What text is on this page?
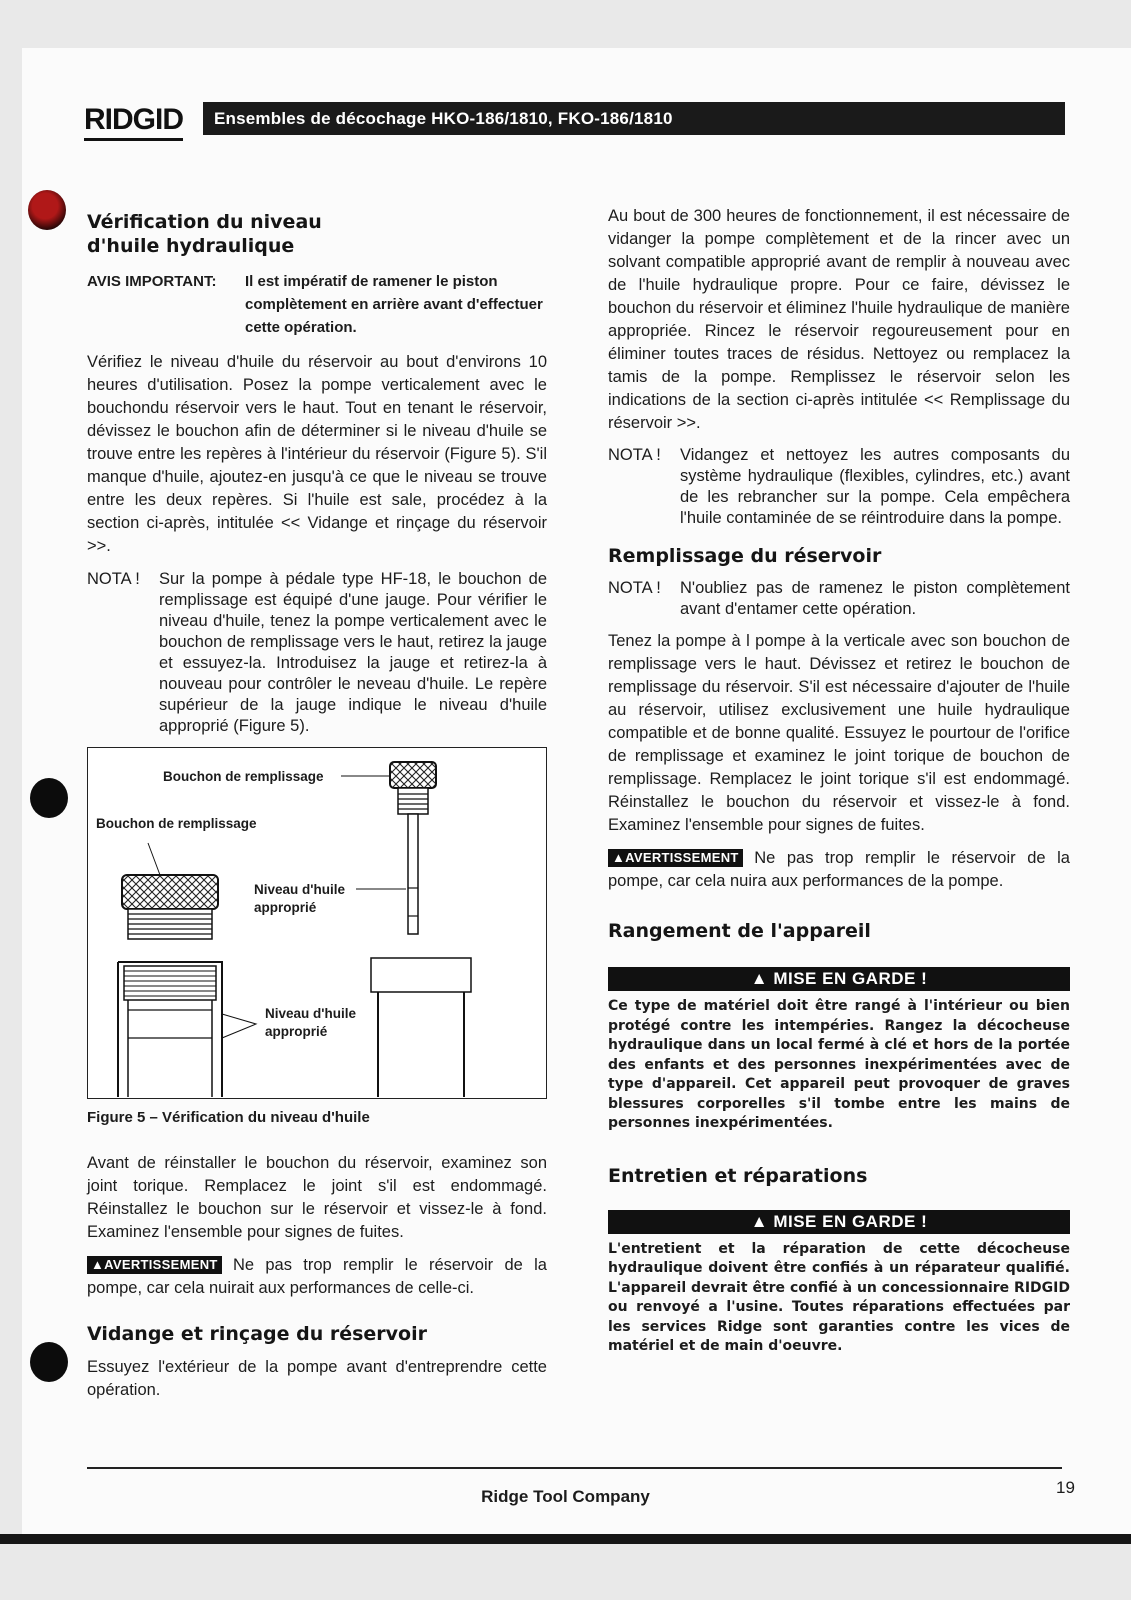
RIDGID	Ensembles de décochage HKO-186/1810, FKO-186/1810
Vérification du niveau d'huile hydraulique
AVIS IMPORTANT:	Il est impératif de ramener le piston complètement en arrière avant d'effectuer cette opération.

Vérifiez le niveau d'huile du réservoir au bout d'environs 10 heures d'utilisation. Posez la pompe verticalement avec le bouchondu réservoir vers le haut. Tout en tenant le réservoir, dévissez le bouchon afin de déterminer si le niveau d'huile se trouve entre les repères à l'intérieur du réservoir (Figure 5). S'il manque d'huile, ajoutez-en jusqu'à ce que le niveau se trouve entre les deux repères. Si l'huile est sale, procédez à la section ci-après, intitulée << Vidange et rinçage du réservoir >>.

NOTA !	Sur la pompe à pédale type HF-18, le bouchon de remplissage est équipé d'une jauge. Pour vérifier le niveau d'huile, tenez la pompe verticalement avec le bouchon de remplissage vers le haut, retirez la jauge et essuyez-la. Introduisez la jauge et retirez-la à nouveau pour contrôler le neveau d'huile. Le repère supérieur de la jauge indique le niveau d'huile approprié (Figure 5).
Bouchon de remplissage
Bouchon de remplissage
Niveau d'huile approprié
Niveau d'huile approprié
Figure 5 – Vérification du niveau d'huile

Avant de réinstaller le bouchon du réservoir, examinez son joint torique. Remplacez le joint s'il est endommagé. Réinstallez le bouchon sur le réservoir et vissez-le à fond. Examinez l'ensemble pour signes de fuites.

▲AVERTISSEMENT Ne pas trop remplir le réservoir de la pompe, car cela nuirait aux performances de celle-ci.

Vidange et rinçage du réservoir

Essuyez l'extérieur de la pompe avant d'entreprendre cette opération.

Au bout de 300 heures de fonctionnement, il est nécessaire de vidanger la pompe complètement et de la rincer avec un solvant compatible approprié avant de remplir à nouveau avec de l'huile hydraulique propre. Pour ce faire, dévissez le bouchon du réservoir et éliminez l'huile hydraulique de manière appropriée. Rincez le réservoir regoureusement pour en éliminer toutes traces de résidus. Nettoyez ou remplacez la tamis de la pompe. Remplissez le réservoir selon les indications de la section ci-après intitulée << Remplissage du réservoir >>.

NOTA !	Vidangez et nettoyez les autres composants du système hydraulique (flexibles, cylindres, etc.) avant de les rebrancher sur la pompe. Cela empêchera l'huile contaminée de se réintroduire dans la pompe.
Remplissage du réservoir
NOTA !	N'oubliez pas de ramenez le piston complètement avant d'entamer cette opération.

Tenez la pompe à l pompe à la verticale avec son bouchon de remplissage vers le haut. Dévissez et retirez le bouchon de remplissage du réservoir. S'il est nécessaire d'ajouter de l'huile au réservoir, utilisez exclusivement une huile hydraulique compatible et de bonne qualité. Essuyez le pourtour de l'orifice de remplissage et examinez le joint torique de bouchon de remplissage. Remplacez le joint torique s'il est endommagé. Réinstallez le bouchon du réservoir et vissez-le à fond. Examinez l'ensemble pour signes de fuites.

▲AVERTISSEMENT Ne pas trop remplir le réservoir de la pompe, car cela nuira aux performances de la pompe.

Rangement de l'appareil
▲ MISE EN GARDE !
Ce type de matériel doit être rangé à l'intérieur ou bien protégé contre les intempéries. Rangez la décocheuse hydraulique dans un local fermé à clé et hors de la portée des enfants et des personnes inexpérimentées avec de type d'appareil. Cet appareil peut provoquer de graves blessures corporelles s'il tombe entre les mains de personnes inexpérimentées.
Entretien et réparations
▲ MISE EN GARDE !
L'entretient et la réparation de cette décocheuse hydraulique doivent être confiés à un réparateur qualifié. L'appareil devrait être confié à un concessionnaire RIDGID ou renvoyé a l'usine. Toutes réparations effectuées par les services Ridge sont garanties contre les vices de matériel et de main d'oeuvre.
Ridge Tool Company	19
